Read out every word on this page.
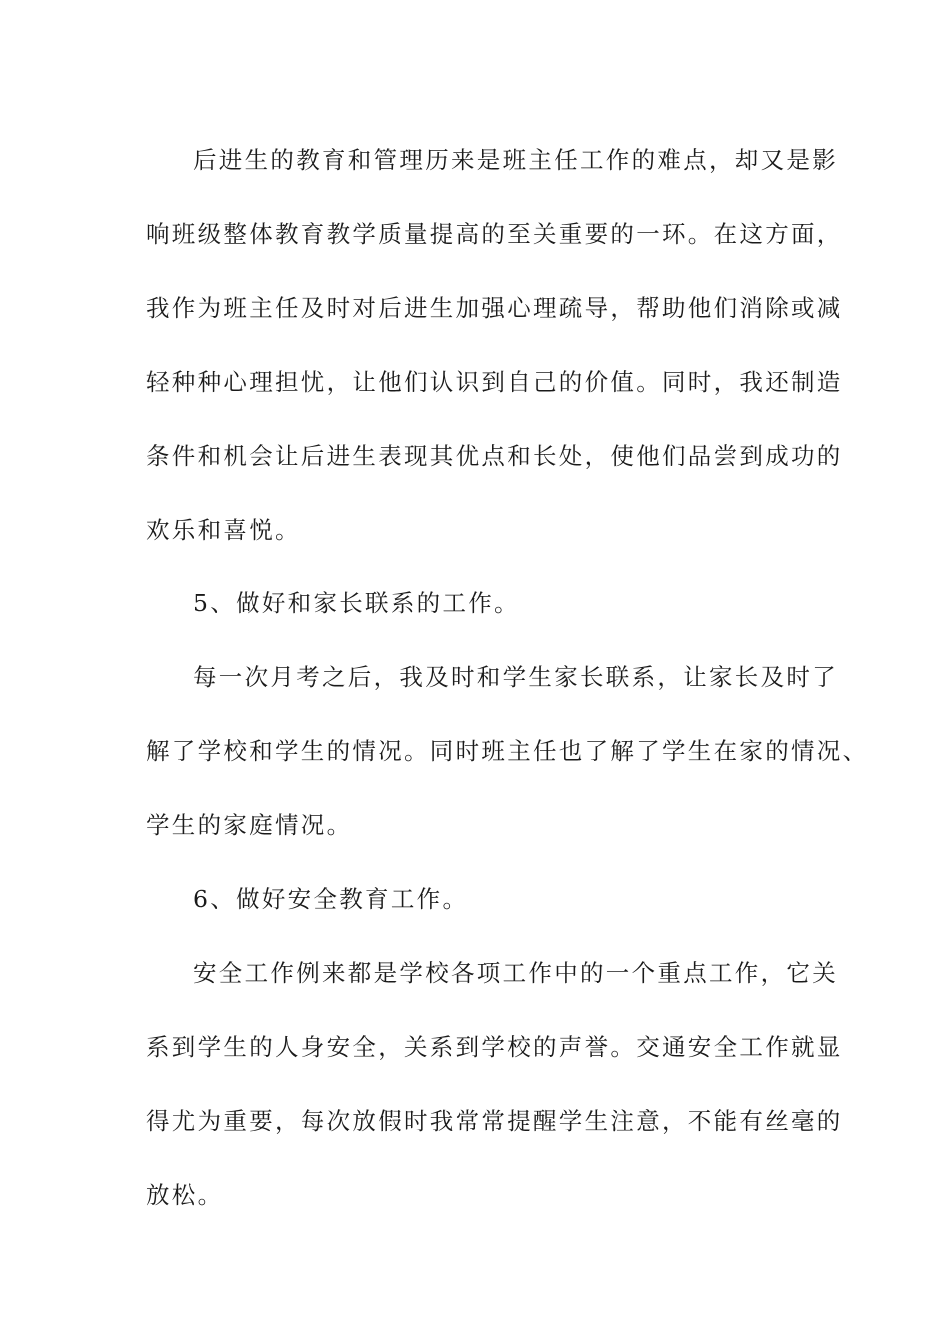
后进生的教育和管理历来是班主任工作的难点，却又是影
响班级整体教育教学质量提高的至关重要的一环。在这方面，
我作为班主任及时对后进生加强心理疏导，帮助他们消除或减
轻种种心理担忧，让他们认识到自己的价值。同时，我还制造
条件和机会让后进生表现其优点和长处，使他们品尝到成功的
欢乐和喜悦。

5、做好和家长联系的工作。

每一次月考之后，我及时和学生家长联系，让家长及时了
解了学校和学生的情况。同时班主任也了解了学生在家的情况、
学生的家庭情况。

6、做好安全教育工作。

安全工作例来都是学校各项工作中的一个重点工作，它关
系到学生的人身安全，关系到学校的声誉。交通安全工作就显
得尤为重要，每次放假时我常常提醒学生注意，不能有丝毫的
放松。
